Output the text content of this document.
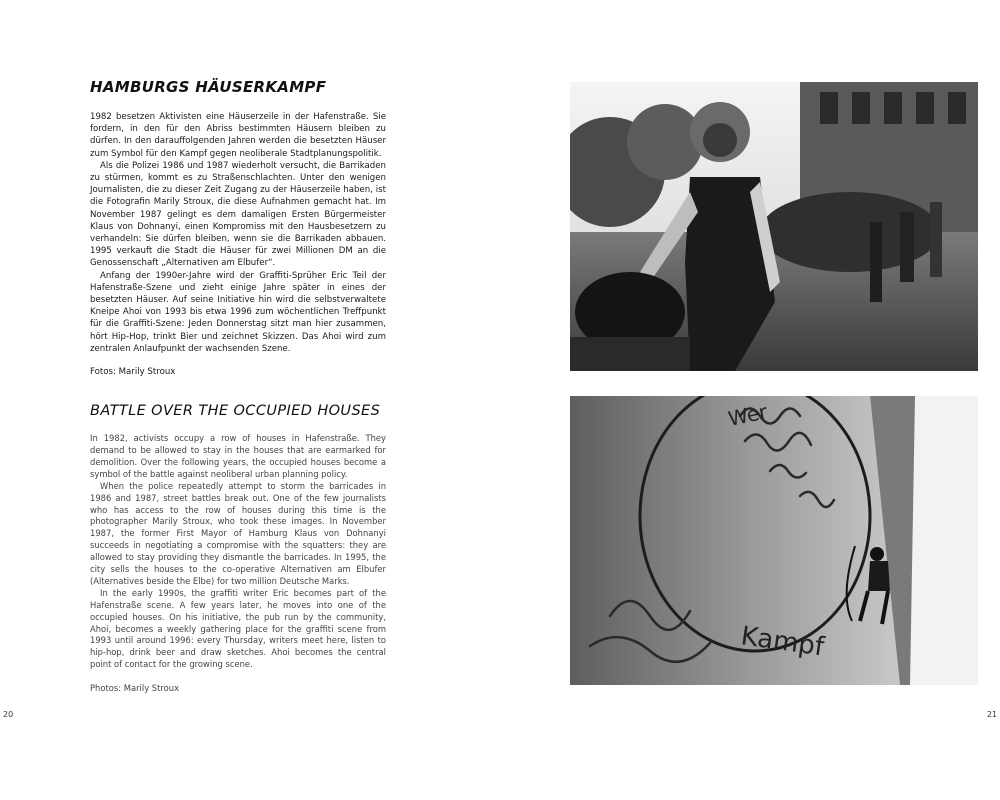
HAMBURGS HÄUSERKAMPF

1982 besetzen Aktivisten eine Häuserzeile in der Hafenstraße. Sie fordern, in den für den Abriss bestimmten Häusern bleiben zu dürfen. In den darauffolgenden Jahren werden die besetzten Häuser zum Symbol für den Kampf gegen neoliberale Stadtplanungspolitik.

Als die Polizei 1986 und 1987 wiederholt versucht, die Barrikaden zu stürmen, kommt es zu Straßenschlachten. Unter den wenigen Journalisten, die zu dieser Zeit Zugang zu der Häuserzeile haben, ist die Fotografin Marily Stroux, die diese Aufnahmen gemacht hat. Im November 1987 gelingt es dem damaligen Ersten Bürgermeister Klaus von Dohnanyi, einen Kompromiss mit den Hausbesetzern zu verhandeln: Sie dürfen bleiben, wenn sie die Barrikaden abbauen. 1995 verkauft die Stadt die Häuser für zwei Millionen DM an die Genossenschaft „Alternativen am Elbufer“.

Anfang der 1990er-Jahre wird der Graffiti-Sprüher Eric Teil der Hafenstraße-Szene und zieht einige Jahre später in eines der besetzten Häuser. Auf seine Initiative hin wird die selbstverwaltete Kneipe Ahoi von 1993 bis etwa 1996 zum wöchentlichen Treffpunkt für die Graffiti-Szene: Jeden Donnerstag sitzt man hier zusammen, hört Hip-Hop, trinkt Bier und zeichnet Skizzen. Das Ahoi wird zum zentralen Anlaufpunkt der wachsenden Szene.

Fotos: Marily Stroux
BATTLE OVER THE OCCUPIED HOUSES

In 1982, activists occupy a row of houses in Hafenstraße. They demand to be allowed to stay in the houses that are earmarked for demolition. Over the following years, the occupied houses become a symbol of the battle against neoliberal urban planning policy.

When the police repeatedly attempt to storm the barricades in 1986 and 1987, street battles break out. One of the few journalists who has access to the row of houses during this time is the photographer Marily Stroux, who took these images. In November 1987, the former First Mayor of Hamburg Klaus von Dohnanyi succeeds in negotiating a compromise with the squatters: they are allowed to stay providing they dismantle the barricades. In 1995, the city sells the houses to the co-operative Alternativen am Elbufer (Alternatives beside the Elbe) for two million Deutsche Marks.

In the early 1990s, the graffiti writer Eric becomes part of the Hafenstraße scene. A few years later, he moves into one of the occupied houses. On his initiative, the pub run by the community, Ahoi, becomes a weekly gathering place for the graffiti scene from 1993 until around 1996: every Thursday, writers meet here, listen to hip-hop, drink beer and draw sketches. Ahoi becomes the central point of contact for the growing scene.

Photos: Marily Stroux
Kampf
Wer
20	21
